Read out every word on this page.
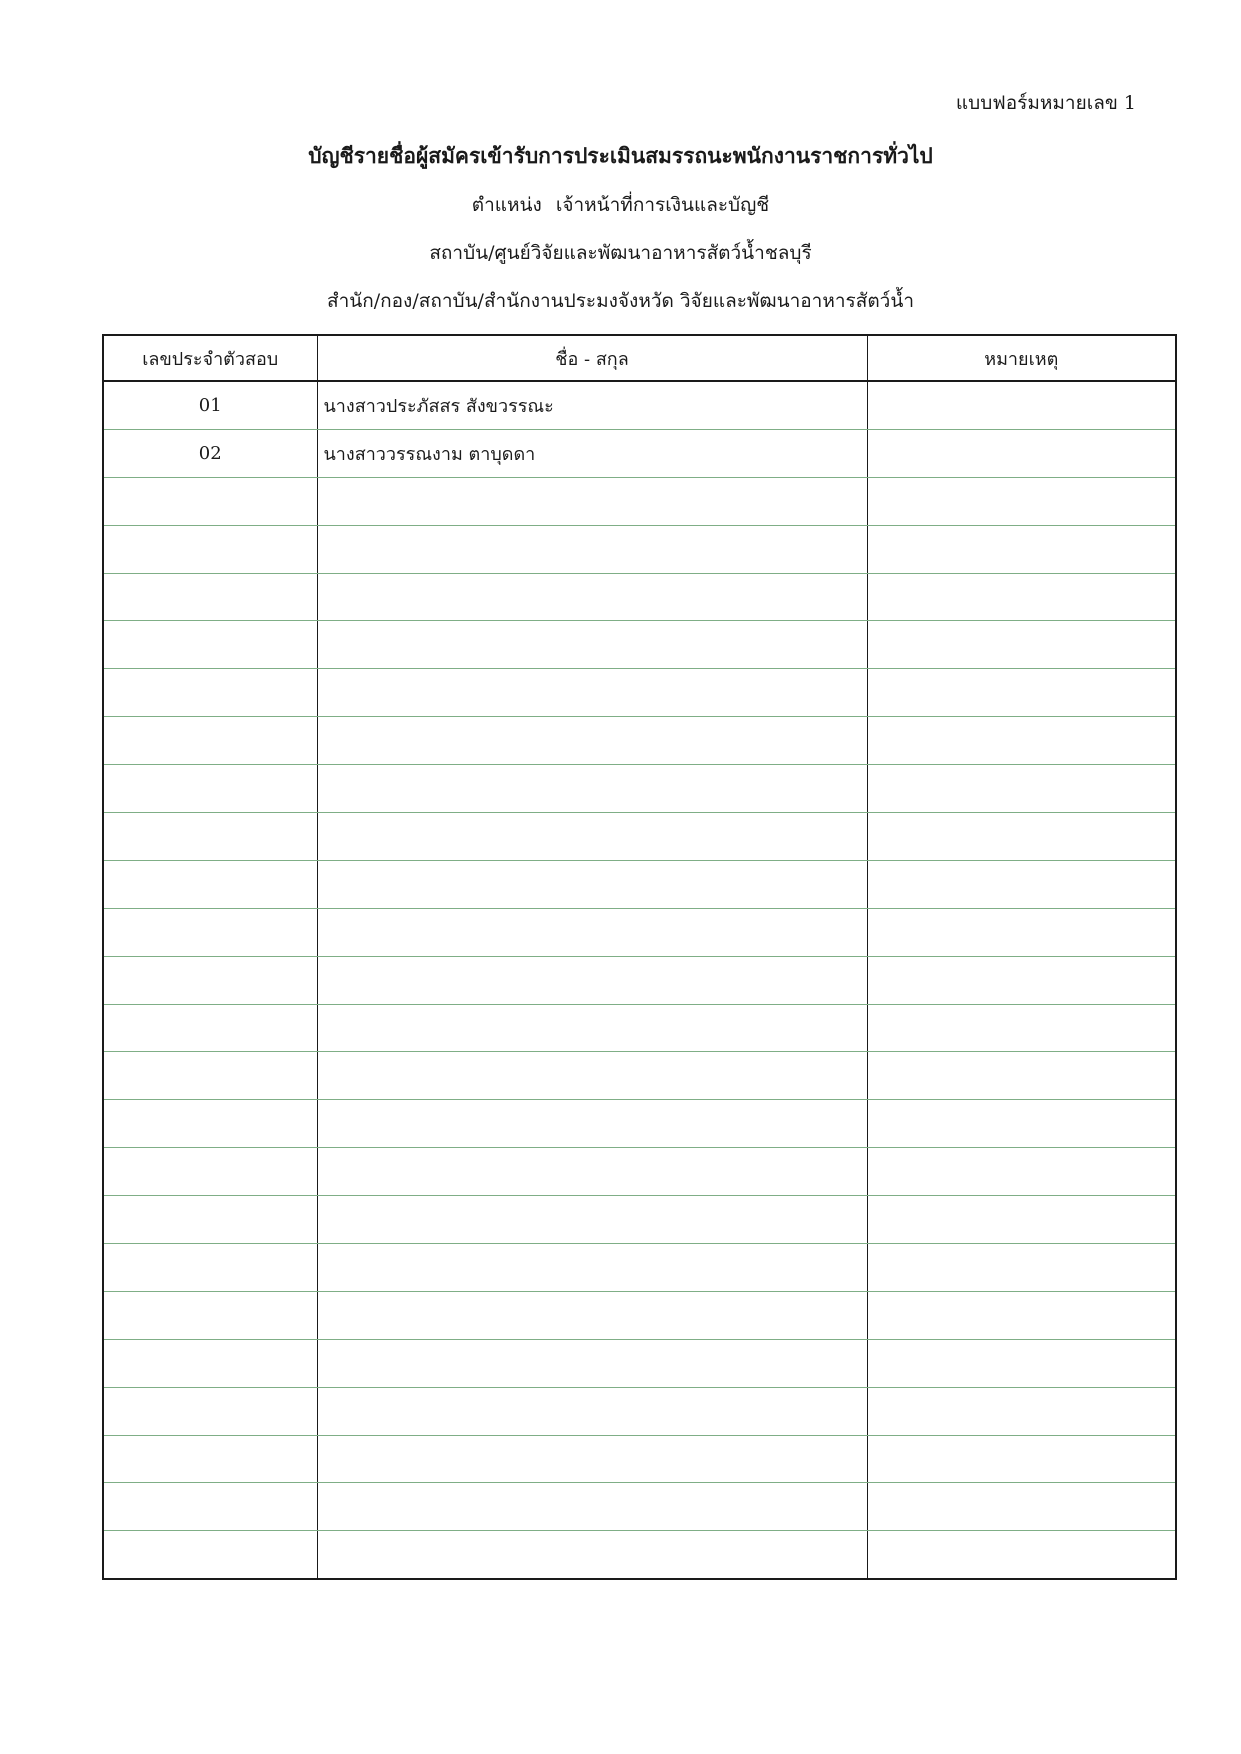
แบบฟอร์มหมายเลข 1
บัญชีรายชื่อผู้สมัครเข้ารับการประเมินสมรรถนะพนักงานราชการทั่วไป
ตำแหน่ง เจ้าหน้าที่การเงินและบัญชี
สถาบัน/ศูนย์วิจัยและพัฒนาอาหารสัตว์น้ำชลบุรี
สำนัก/กอง/สถาบัน/สำนักงานประมงจังหวัด วิจัยและพัฒนาอาหารสัตว์น้ำ
เลขประจำตัวสอบ	ชื่อ - สกุล	หมายเหตุ
01	นางสาวประภัสสร สังขวรรณะ	
02	นางสาววรรณงาม ตาบุดดา	
